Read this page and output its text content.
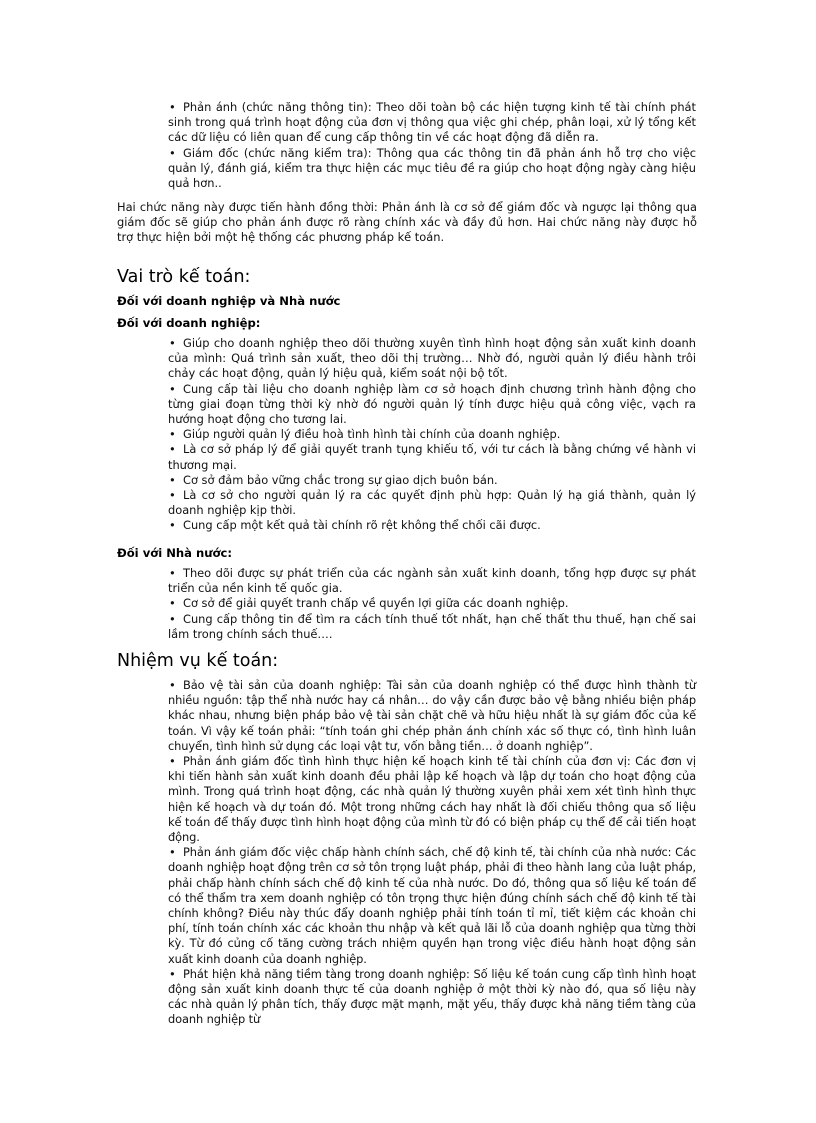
• Phản ánh (chức năng thông tin): Theo dõi toàn bộ các hiện tượng kinh tế tài chính phát sinh trong quá trình hoạt động của đơn vị thông qua việc ghi chép, phân loại, xử lý tổng kết các dữ liệu có liên quan để cung cấp thông tin về các hoạt động đã diễn ra.
• Giám đốc (chức năng kiểm tra): Thông qua các thông tin đã phản ánh hỗ trợ cho việc quản lý, đánh giá, kiểm tra thực hiện các mục tiêu đề ra giúp cho hoạt động ngày càng hiệu quả hơn..

Hai chức năng này được tiến hành đồng thời: Phản ánh là cơ sở để giám đốc và ngược lại thông qua giám đốc sẽ giúp cho phản ánh được rõ ràng chính xác và đầy đủ hơn. Hai chức năng này được hỗ trợ thực hiện bởi một hệ thống các phương pháp kế toán.

Vai trò kế toán:
Đối với doanh nghiệp và Nhà nước
Đối với doanh nghiệp:
• Giúp cho doanh nghiệp theo dõi thường xuyên tình hình hoạt động sản xuất kinh doanh của mình: Quá trình sản xuất, theo dõi thị trường… Nhờ đó, người quản lý điều hành trôi chảy các hoạt động, quản lý hiệu quả, kiểm soát nội bộ tốt.
• Cung cấp tài liệu cho doanh nghiệp làm cơ sở hoạch định chương trình hành động cho từng giai đoạn từng thời kỳ nhờ đó người quản lý tính được hiệu quả công việc, vạch ra hướng hoạt động cho tương lai.
• Giúp người quản lý điều hoà tình hình tài chính của doanh nghiệp.
• Là cơ sở pháp lý để giải quyết tranh tụng khiếu tố, với tư cách là bằng chứng về hành vi thương mại.
• Cơ sở đảm bảo vững chắc trong sự giao dịch buôn bán.
• Là cơ sở cho người quản lý ra các quyết định phù hợp: Quản lý hạ giá thành, quản lý doanh nghiệp kịp thời.
• Cung cấp một kết quả tài chính rõ rệt không thể chối cãi được.
Đối với Nhà nước:
• Theo dõi được sự phát triển của các ngành sản xuất kinh doanh, tổng hợp được sự phát triển của nền kinh tế quốc gia.
• Cơ sở để giải quyết tranh chấp về quyền lợi giữa các doanh nghiệp.
• Cung cấp thông tin để tìm ra cách tính thuế tốt nhất, hạn chế thất thu thuế, hạn chế sai lầm trong chính sách thuế….
Nhiệm vụ kế toán:
• Bảo vệ tài sản của doanh nghiệp: Tài sản của doanh nghiệp có thể được hình thành từ nhiều nguồn: tập thể nhà nước hay cá nhân… do vậy cần được bảo vệ bằng nhiều biện pháp khác nhau, nhưng biện pháp bảo vệ tài sản chặt chẽ và hữu hiệu nhất là sự giám đốc của kế toán. Vì vậy kế toán phải: “tính toán ghi chép phản ánh chính xác số thực có, tình hình luân chuyển, tình hình sử dụng các loại vật tư, vốn bằng tiền… ở doanh nghiệp”.
• Phản ánh giám đốc tình hình thực hiện kế hoạch kinh tế tài chính của đơn vị: Các đơn vị khi tiến hành sản xuất kinh doanh đều phải lập kế hoạch và lập dự toán cho hoạt động của mình. Trong quá trình hoạt động, các nhà quản lý thường xuyên phải xem xét tình hình thực hiện kế hoạch và dự toán đó. Một trong những cách hay nhất là đối chiếu thông qua số liệu kế toán để thấy được tình hình hoạt động của mình từ đó có biện pháp cụ thể để cải tiến hoạt động.
• Phản ánh giám đốc việc chấp hành chính sách, chế độ kinh tế, tài chính của nhà nước: Các doanh nghiệp hoạt động trên cơ sở tôn trọng luật pháp, phải đi theo hành lang của luật pháp, phải chấp hành chính sách chế độ kinh tế của nhà nước. Do đó, thông qua số liệu kế toán để có thể thẩm tra xem doanh nghiệp có tôn trọng thực hiện đúng chính sách chế độ kinh tế tài chính không? Điều này thúc đẩy doanh nghiệp phải tính toán tỉ mỉ, tiết kiệm các khoản chi phí, tính toán chính xác các khoản thu nhập và kết quả lãi lỗ của doanh nghiệp qua từng thời kỳ. Từ đó củng cố tăng cường trách nhiệm quyền hạn trong việc điều hành hoạt động sản xuất kinh doanh của doanh nghiệp.
• Phát hiện khả năng tiềm tàng trong doanh nghiệp: Số liệu kế toán cung cấp tình hình hoạt động sản xuất kinh doanh thực tế của doanh nghiệp ở một thời kỳ nào đó, qua số liệu này các nhà quản lý phân tích, thấy được mặt mạnh, mặt yếu, thấy được khả năng tiềm tàng của doanh nghiệp từ
